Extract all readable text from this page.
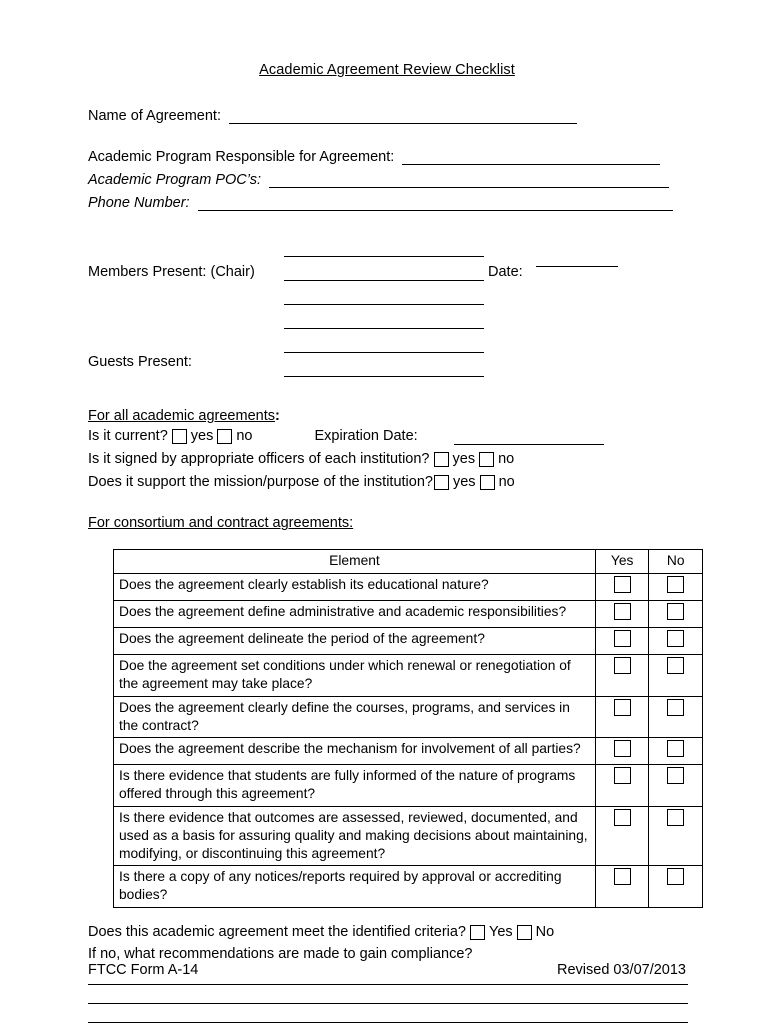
Academic Agreement Review Checklist
Name of Agreement:
Academic Program Responsible for Agreement:
Academic Program POC’s:
Phone Number:
Members Present: (Chair)
Guests Present:
Date:
For all academic agreements:
Is it current? yes no	Expiration Date:
Is it signed by appropriate officers of each institution? yes no
Does it support the mission/purpose of the institution? yes no
For consortium and contract agreements:
Element	Yes	No
Does the agreement clearly establish its educational nature?		
Does the agreement define administrative and academic responsibilities?		
Does the agreement delineate the period of the agreement?		
Doe the agreement set conditions under which renewal or renegotiation of the agreement may take place?		
Does the agreement clearly define the courses, programs, and services in the contract?		
Does the agreement describe the mechanism for involvement of all parties?		
Is there evidence that students are fully informed of the nature of programs offered through this agreement?		
Is there evidence that outcomes are assessed, reviewed, documented, and used as a basis for assuring quality and making decisions about maintaining, modifying, or discontinuing this agreement?		
Is there a copy of any notices/reports required by approval or accrediting bodies?		
Does this academic agreement meet the identified criteria? Yes No
If no, what recommendations are made to gain compliance?
FTCC Form A-14	Revised 03/07/2013
